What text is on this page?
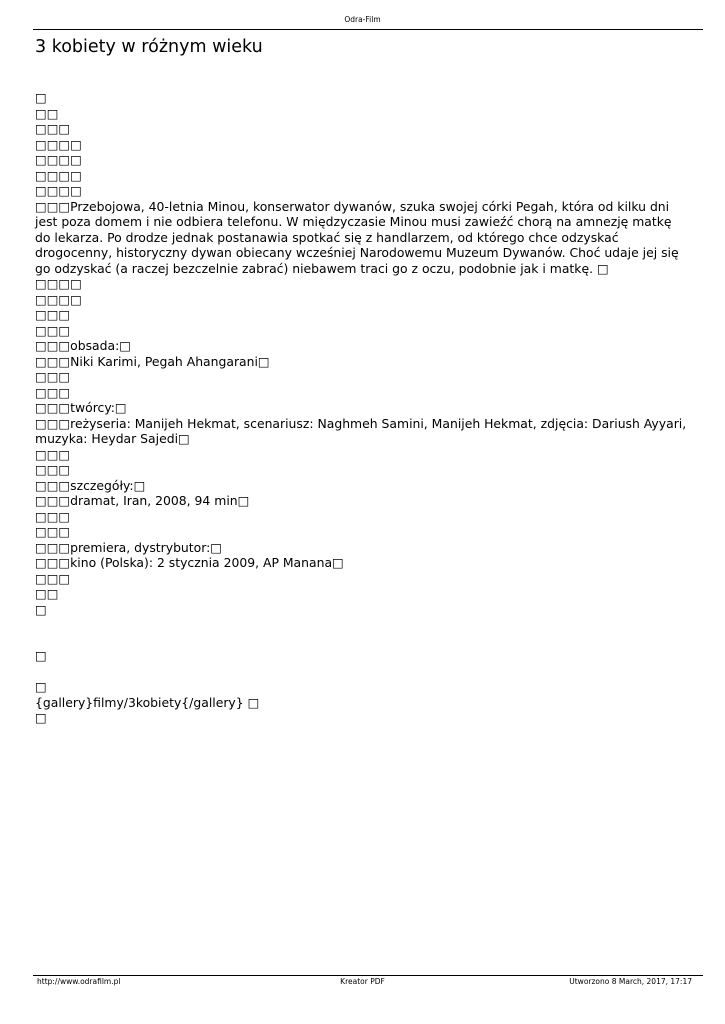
Odra-Film
3 kobiety w różnym wieku
□
□□
□□□
□□□□
□□□□
□□□□
□□□□
□□□Przebojowa, 40-letnia Minou, konserwator dywanów, szuka swojej córki Pegah, która od kilku dni jest poza domem i nie odbiera telefonu. W międzyczasie Minou musi zawieźć chorą na amnezję matkę do lekarza. Po drodze jednak postanawia spotkać się z handlarzem, od którego chce odzyskać drogocenny, historyczny dywan obiecany wcześniej Narodowemu Muzeum Dywanów. Choć udaje jej się go odzyskać (a raczej bezczelnie zabrać) niebawem traci go z oczu, podobnie jak i matkę. □
□□□□
□□□□
□□□
□□□
□□□obsada:□
□□□Niki Karimi, Pegah Ahangarani□
□□□
□□□
□□□twórcy:□
□□□reżyseria: Manijeh Hekmat, scenariusz: Naghmeh Samini, Manijeh Hekmat, zdjęcia: Dariush Ayyari, muzyka: Heydar Sajedi□
□□□
□□□
□□□szczegóły:□
□□□dramat, Iran, 2008, 94 min□
□□□
□□□
□□□premiera, dystrybutor:□
□□□kino (Polska): 2 stycznia 2009, AP Manana□
□□□
□□
□
□
□
{gallery}filmy/3kobiety{/gallery} □
□
http://www.odrafilm.pl	Kreator PDF	Utworzono 8 March, 2017, 17:17
